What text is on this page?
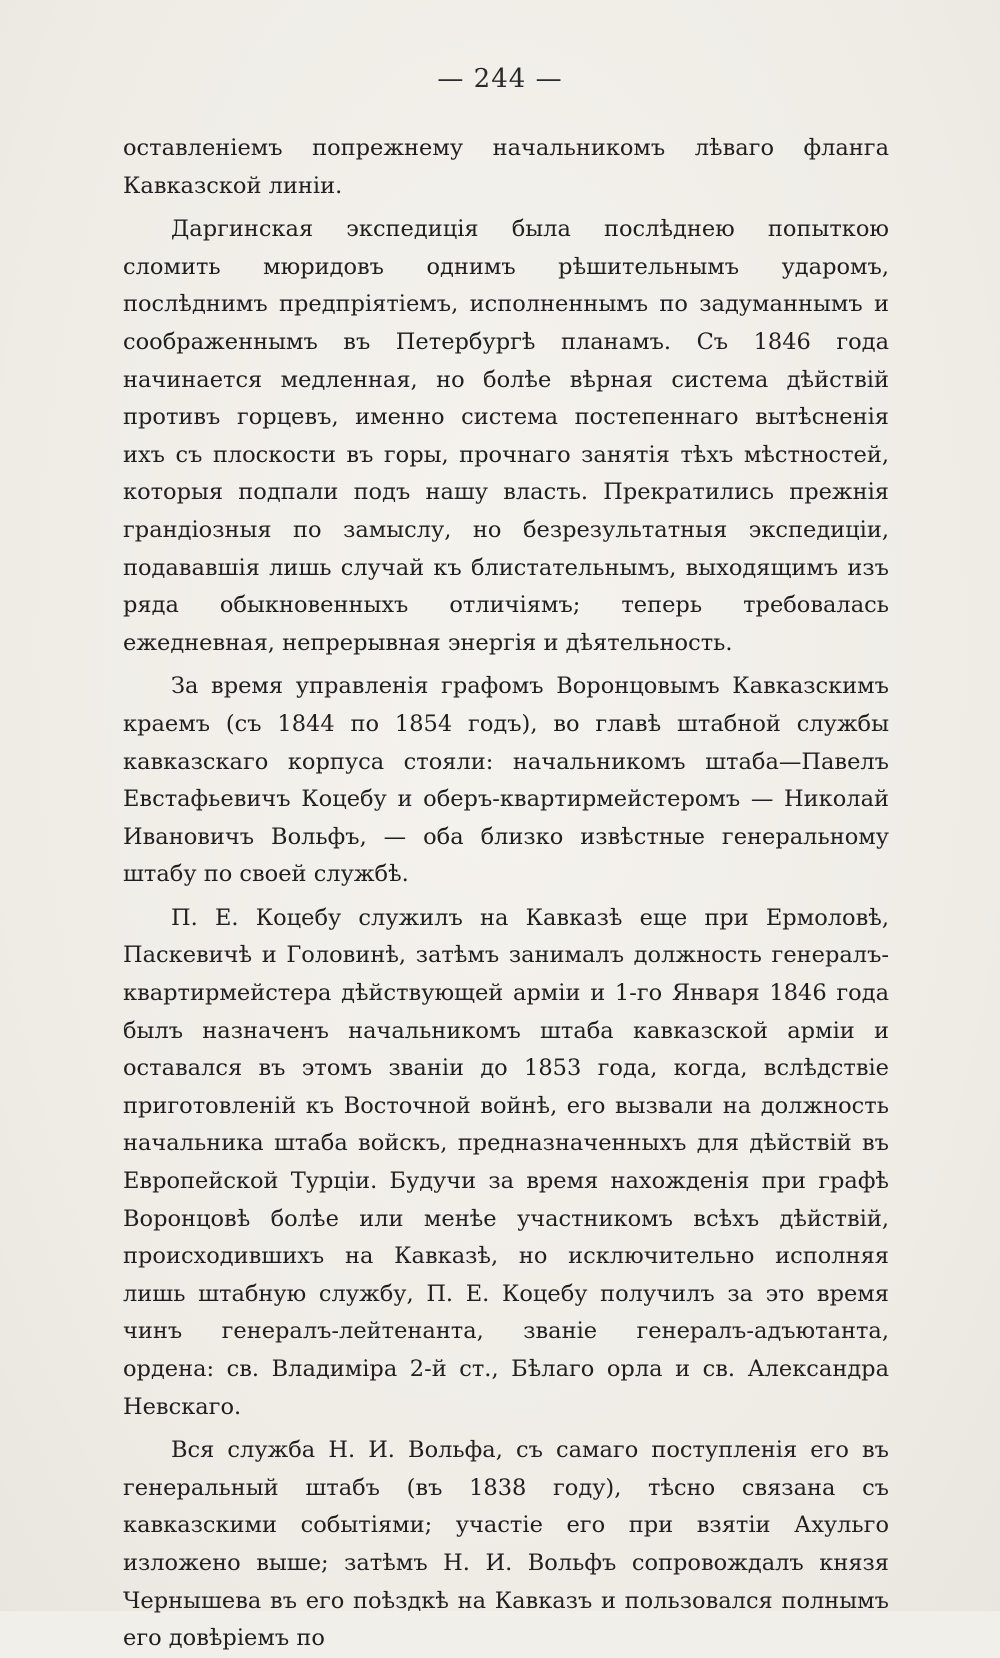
— 244 —

оставленіемъ попрежнему начальникомъ лѣваго фланга Кавказской линіи.

Даргинская экспедиція была послѣднею попыткою сломить мюридовъ однимъ рѣшительнымъ ударомъ, послѣднимъ предпріятіемъ, исполненнымъ по задуманнымъ и соображеннымъ въ Петербургѣ планамъ. Съ 1846 года начинается медленная, но болѣе вѣрная система дѣйствій противъ горцевъ, именно система постепеннаго вытѣсненія ихъ съ плоскости въ горы, прочнаго занятія тѣхъ мѣстностей, которыя подпали подъ нашу власть. Прекратились прежнія грандіозныя по замыслу, но безрезультатныя экспедиціи, подававшія лишь случай къ блистательнымъ, выходящимъ изъ ряда обыкновенныхъ отличіямъ; теперь требовалась ежедневная, непрерывная энергія и дѣятельность.

За время управленія графомъ Воронцовымъ Кавказскимъ краемъ (съ 1844 по 1854 годъ), во главѣ штабной службы кавказскаго корпуса стояли: начальникомъ штаба—Павелъ Евстафьевичъ Коцебу и оберъ-квартирмейстеромъ — Николай Ивановичъ Вольфъ, — оба близко извѣстные генеральному штабу по своей службѣ.

П. Е. Коцебу служилъ на Кавказѣ еще при Ермоловѣ, Паскевичѣ и Головинѣ, затѣмъ занималъ должность генералъ-квартирмейстера дѣйствующей арміи и 1-го Января 1846 года былъ назначенъ начальникомъ штаба кавказской арміи и оставался въ этомъ званіи до 1853 года, когда, вслѣдствіе приготовленій къ Восточной войнѣ, его вызвали на должность начальника штаба войскъ, предназначенныхъ для дѣйствій въ Европейской Турціи. Будучи за время нахожденія при графѣ Воронцовѣ болѣе или менѣе участникомъ всѣхъ дѣйствій, происходившихъ на Кавказѣ, но исключительно исполняя лишь штабную службу, П. Е. Коцебу получилъ за это время чинъ генералъ-лейтенанта, званіе генералъ-адъютанта, ордена: св. Владиміра 2-й ст., Бѣлаго орла и св. Александра Невскаго.

Вся служба Н. И. Вольфа, съ самаго поступленія его въ генеральный штабъ (въ 1838 году), тѣсно связана съ кавказскими событіями; участіе его при взятіи Ахульго изложено выше; затѣмъ Н. И. Вольфъ сопровождалъ князя Чернышева въ его поѣздкѣ на Кавказъ и пользовался полнымъ его довѣріемъ по
